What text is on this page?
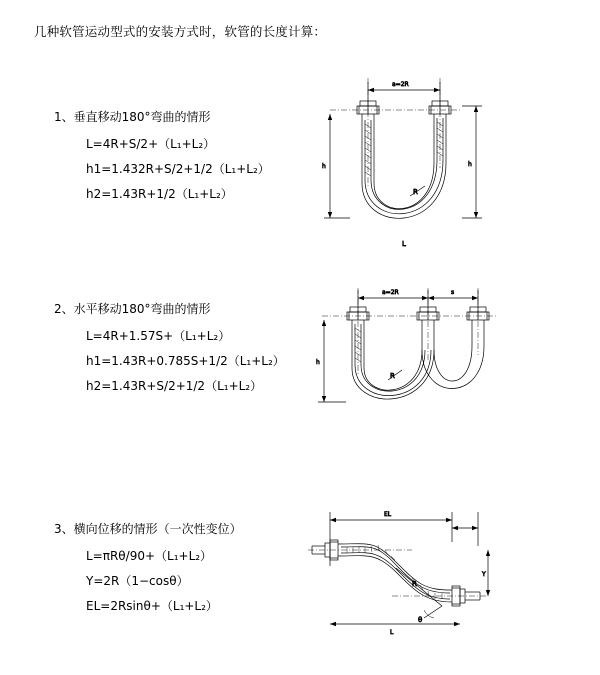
几种软管运动型式的安装方式时，软管的长度计算：
1、垂直移动180°弯曲的情形
L=4R+S/2+（L₁+L₂）
h1=1.432R+S/2+1/2（L₁+L₂）
h2=1.43R+1/2（L₁+L₂）
a=2R
h
h
R
L
2、水平移动180°弯曲的情形
L=4R+1.57S+（L₁+L₂）
h1=1.43R+0.785S+1/2（L₁+L₂）
h2=1.43R+S/2+1/2（L₁+L₂）
a=2R	s
h
R
3、横向位移的情形（一次性变位）
L=πRθ/90+（L₁+L₂）
Y=2R（1−cosθ）
EL=2Rsinθ+（L₁+L₂）
EL
Y
θ
R
L
